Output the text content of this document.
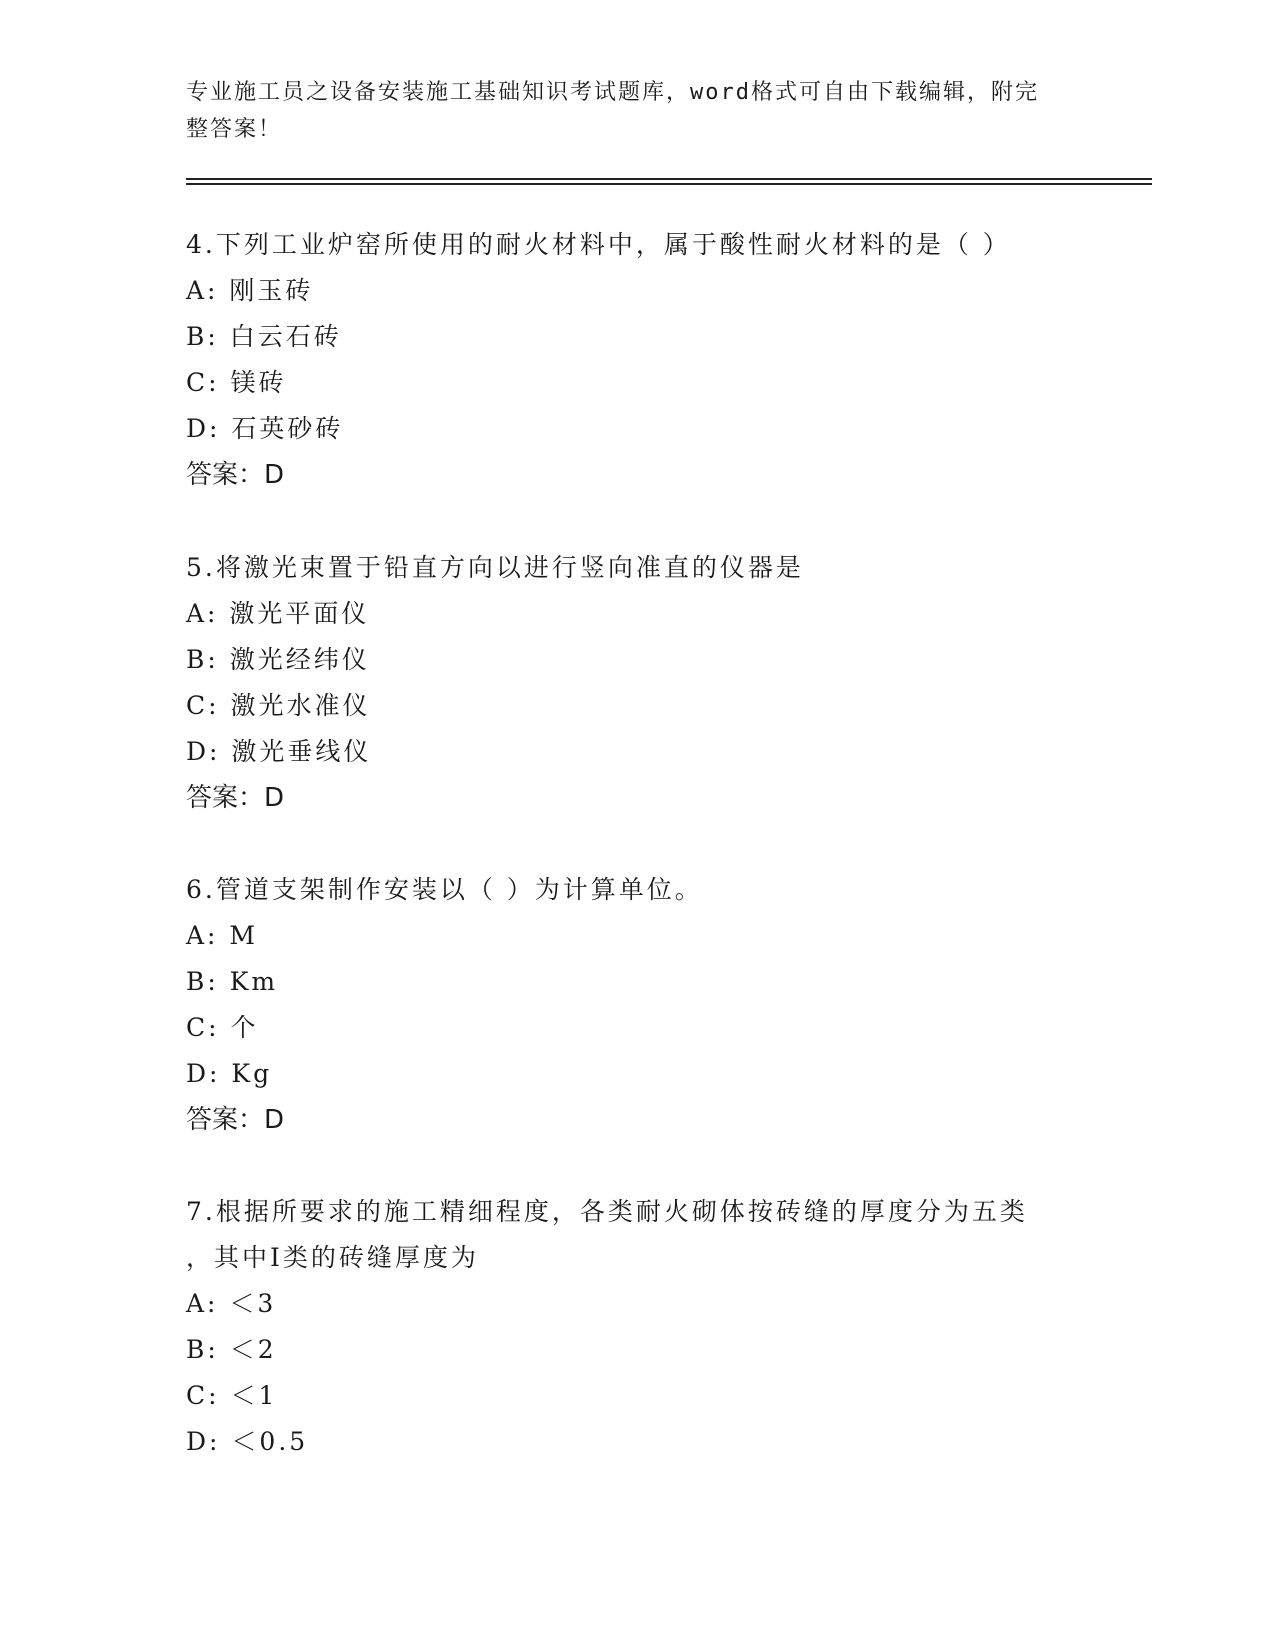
专业施工员之设备安装施工基础知识考试题库，word格式可自由下载编辑，附完
整答案！
4.下列工业炉窑所使用的耐火材料中，属于酸性耐火材料的是（ ）
A: 刚玉砖
B: 白云石砖
C: 镁砖
D: 石英砂砖
答案：D
5.将激光束置于铅直方向以进行竖向准直的仪器是
A: 激光平面仪
B: 激光经纬仪
C: 激光水准仪
D: 激光垂线仪
答案：D
6.管道支架制作安装以（ ）为计算单位。
A: M
B: Km
C: 个
D: Kg
答案：D
7.根据所要求的施工精细程度，各类耐火砌体按砖缝的厚度分为五类
，其中Ⅰ类的砖缝厚度为
A: ＜3
B: ＜2
C: ＜1
D: ＜0.5
